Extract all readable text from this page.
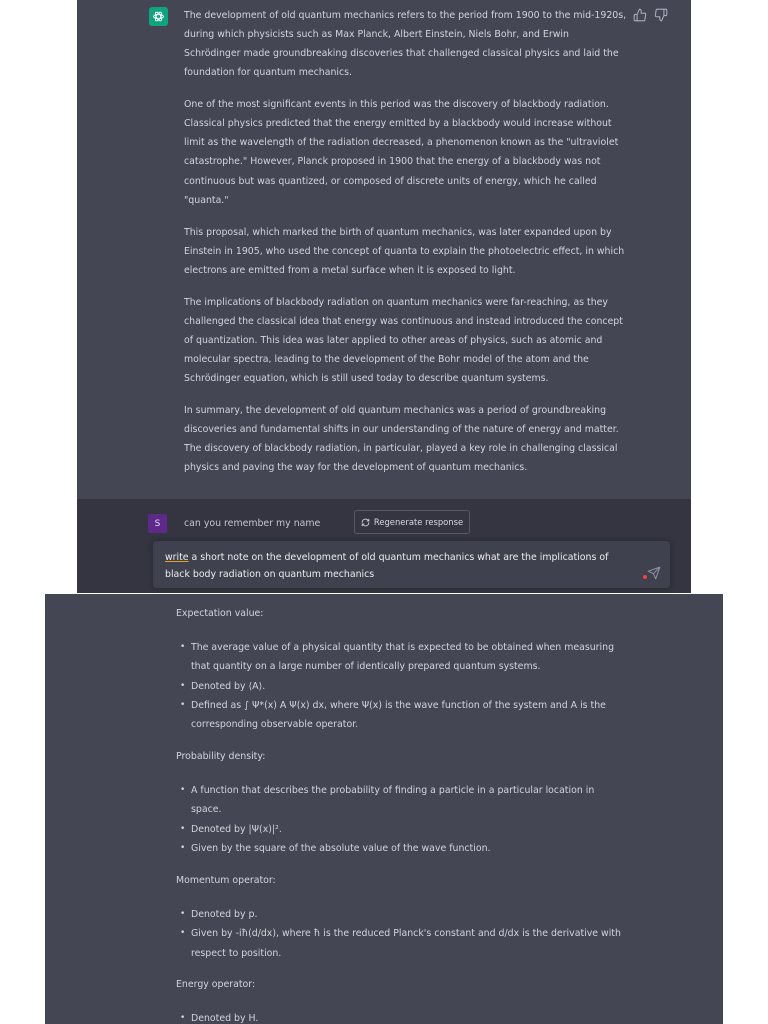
The development of old quantum mechanics refers to the period from 1900 to the mid-1920s, during which physicists such as Max Planck, Albert Einstein, Niels Bohr, and Erwin Schrödinger made groundbreaking discoveries that challenged classical physics and laid the foundation for quantum mechanics.

One of the most significant events in this period was the discovery of blackbody radiation. Classical physics predicted that the energy emitted by a blackbody would increase without limit as the wavelength of the radiation decreased, a phenomenon known as the "ultraviolet catastrophe." However, Planck proposed in 1900 that the energy of a blackbody was not continuous but was quantized, or composed of discrete units of energy, which he called "quanta."

This proposal, which marked the birth of quantum mechanics, was later expanded upon by Einstein in 1905, who used the concept of quanta to explain the photoelectric effect, in which electrons are emitted from a metal surface when it is exposed to light.

The implications of blackbody radiation on quantum mechanics were far-reaching, as they challenged the classical idea that energy was continuous and instead introduced the concept of quantization. This idea was later applied to other areas of physics, such as atomic and molecular spectra, leading to the development of the Bohr model of the atom and the Schrödinger equation, which is still used today to describe quantum systems.

In summary, the development of old quantum mechanics was a period of groundbreaking discoveries and fundamental shifts in our understanding of the nature of energy and matter. The discovery of blackbody radiation, in particular, played a key role in challenging classical physics and paving the way for the development of quantum mechanics.

S	can you remember my name	Regenerate response
write a short note on the development of old quantum mechanics what are the implications of black body radiation on quantum mechanics

Expectation value:

• The average value of a physical quantity that is expected to be obtained when measuring that quantity on a large number of identically prepared quantum systems.
• Denoted by ⟨A⟩.
• Defined as ∫ Ψ*(x) A Ψ(x) dx, where Ψ(x) is the wave function of the system and A is the corresponding observable operator.

Probability density:

• A function that describes the probability of finding a particle in a particular location in space.
• Denoted by |Ψ(x)|².
• Given by the square of the absolute value of the wave function.

Momentum operator:

• Denoted by p.
• Given by -iħ(d/dx), where ħ is the reduced Planck's constant and d/dx is the derivative with respect to position.

Energy operator:

• Denoted by H.
